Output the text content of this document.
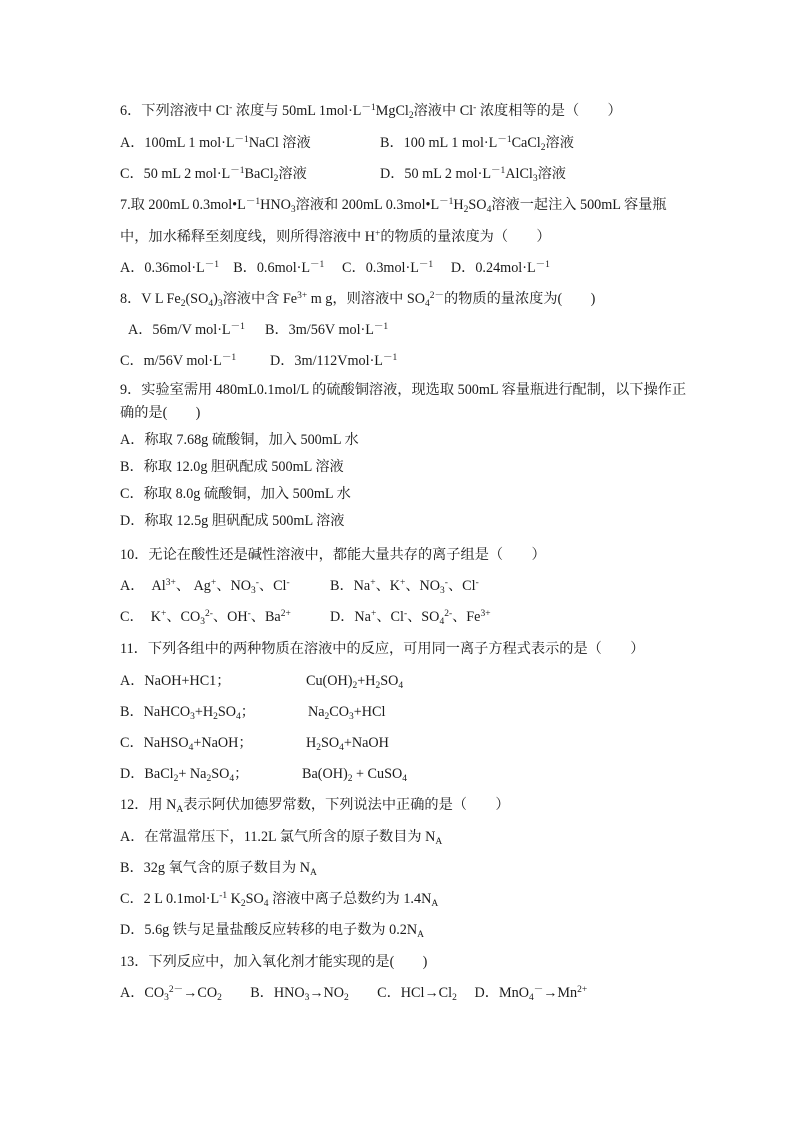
6．下列溶液中 Cl- 浓度与 50mL $1mol\cdot L^{-1}MgCl_2$溶液中 Cl- 浓度相等的是（　　）
A．100mL 1 $mol\cdot L^{-1}NaCl$ 溶液	B．100 mL 1 $mol\cdot L^{-1}CaCl_2$溶液
C．50 mL 2 $mol\cdot L^{-1}BaCl_2$溶液	D．50 mL 2 $mol\cdot L^{-1}AlCl_3$溶液
7.取 200mL $0.3mol•L^{-1}HNO_3$溶液和 200mL $0.3mol•L^{-1}H_2SO_4$溶液一起注入 500mL 容量瓶
中，加水稀释至刻度线，则所得溶液中 H+的物质的量浓度为（　　）
A．$0.36mol\cdot L^{-1}$　B．$0.6mol\cdot L^{-1}$　 C．$0.3mol\cdot L^{-1}$　 D．$0.24mol\cdot L^{-1}$
8．V L $Fe_2(SO_4)_3$溶液中含 $Fe^{3+}$ m g，则溶液中 $SO_4^{2-}$的物质的量浓度为(　　)
A．56m/V $mol\cdot L^{-1}$ B．3m/56V $mol\cdot L^{-1}$
C．m/56V $mol\cdot L^{-1}$ D．$3m/112Vmol\cdot L^{-1}$
9．实验室需用 480mL0.1mol/L 的硫酸铜溶液，现选取 500mL 容量瓶进行配制，以下操作正
确的是(　　)
A．称取 7.68g 硫酸铜，加入 500mL 水
B．称取 12.0g 胆矾配成 500mL 溶液
C．称取 8.0g 硫酸铜，加入 500mL 水
D．称取 12.5g 胆矾配成 500mL 溶液
10．无论在酸性还是碱性溶液中，都能大量共存的离子组是（　　）
A．　$Al^{3+}$、 Ag+、$NO_3^-$、Cl-	B．Na+、K+、$NO_3^-$、Cl-
C．　K+、$CO_3^{2-}$、OH-、$Ba^{2+}$	D．Na+、Cl-、$SO_4^{2-}$、$Fe^{3+}$
11．下列各组中的两种物质在溶液中的反应，可用同一离子方程式表示的是（　　）
A．NaOH+HC1；	$Cu(OH)_2+H_2SO_4$
B．$NaHCO_3+H_2SO_4$；	$Na_2CO_3+HCl$
C．NaHSO$_4$+NaOH；	$H_2SO_4+NaOH$
D．BaCl$_2$+ $Na_2SO_4$；	$Ba(OH)_2$ + CuSO$_4$
12．用 $N_A$表示阿伏加德罗常数，下列说法中正确的是（　　）
A．在常温常压下，11.2L 氯气所含的原子数目为 $N_A$
B．32g 氧气含的原子数目为 $N_A$
C．2 L $0.1mol\cdot L^{-1}$ $K_2SO_4$ 溶液中离子总数约为 $1.4N_A$
D．5.6g 铁与足量盐酸反应转移的电子数为 $0.2N_A$
13．下列反应中，加入氧化剂才能实现的是(　　)
A．$CO_3^{2-}\to CO_2$　　B．$HNO_3\to NO_2$　　C．$HCl\to Cl_2$　 D．$MnO_4^-\to Mn^{2+}$
